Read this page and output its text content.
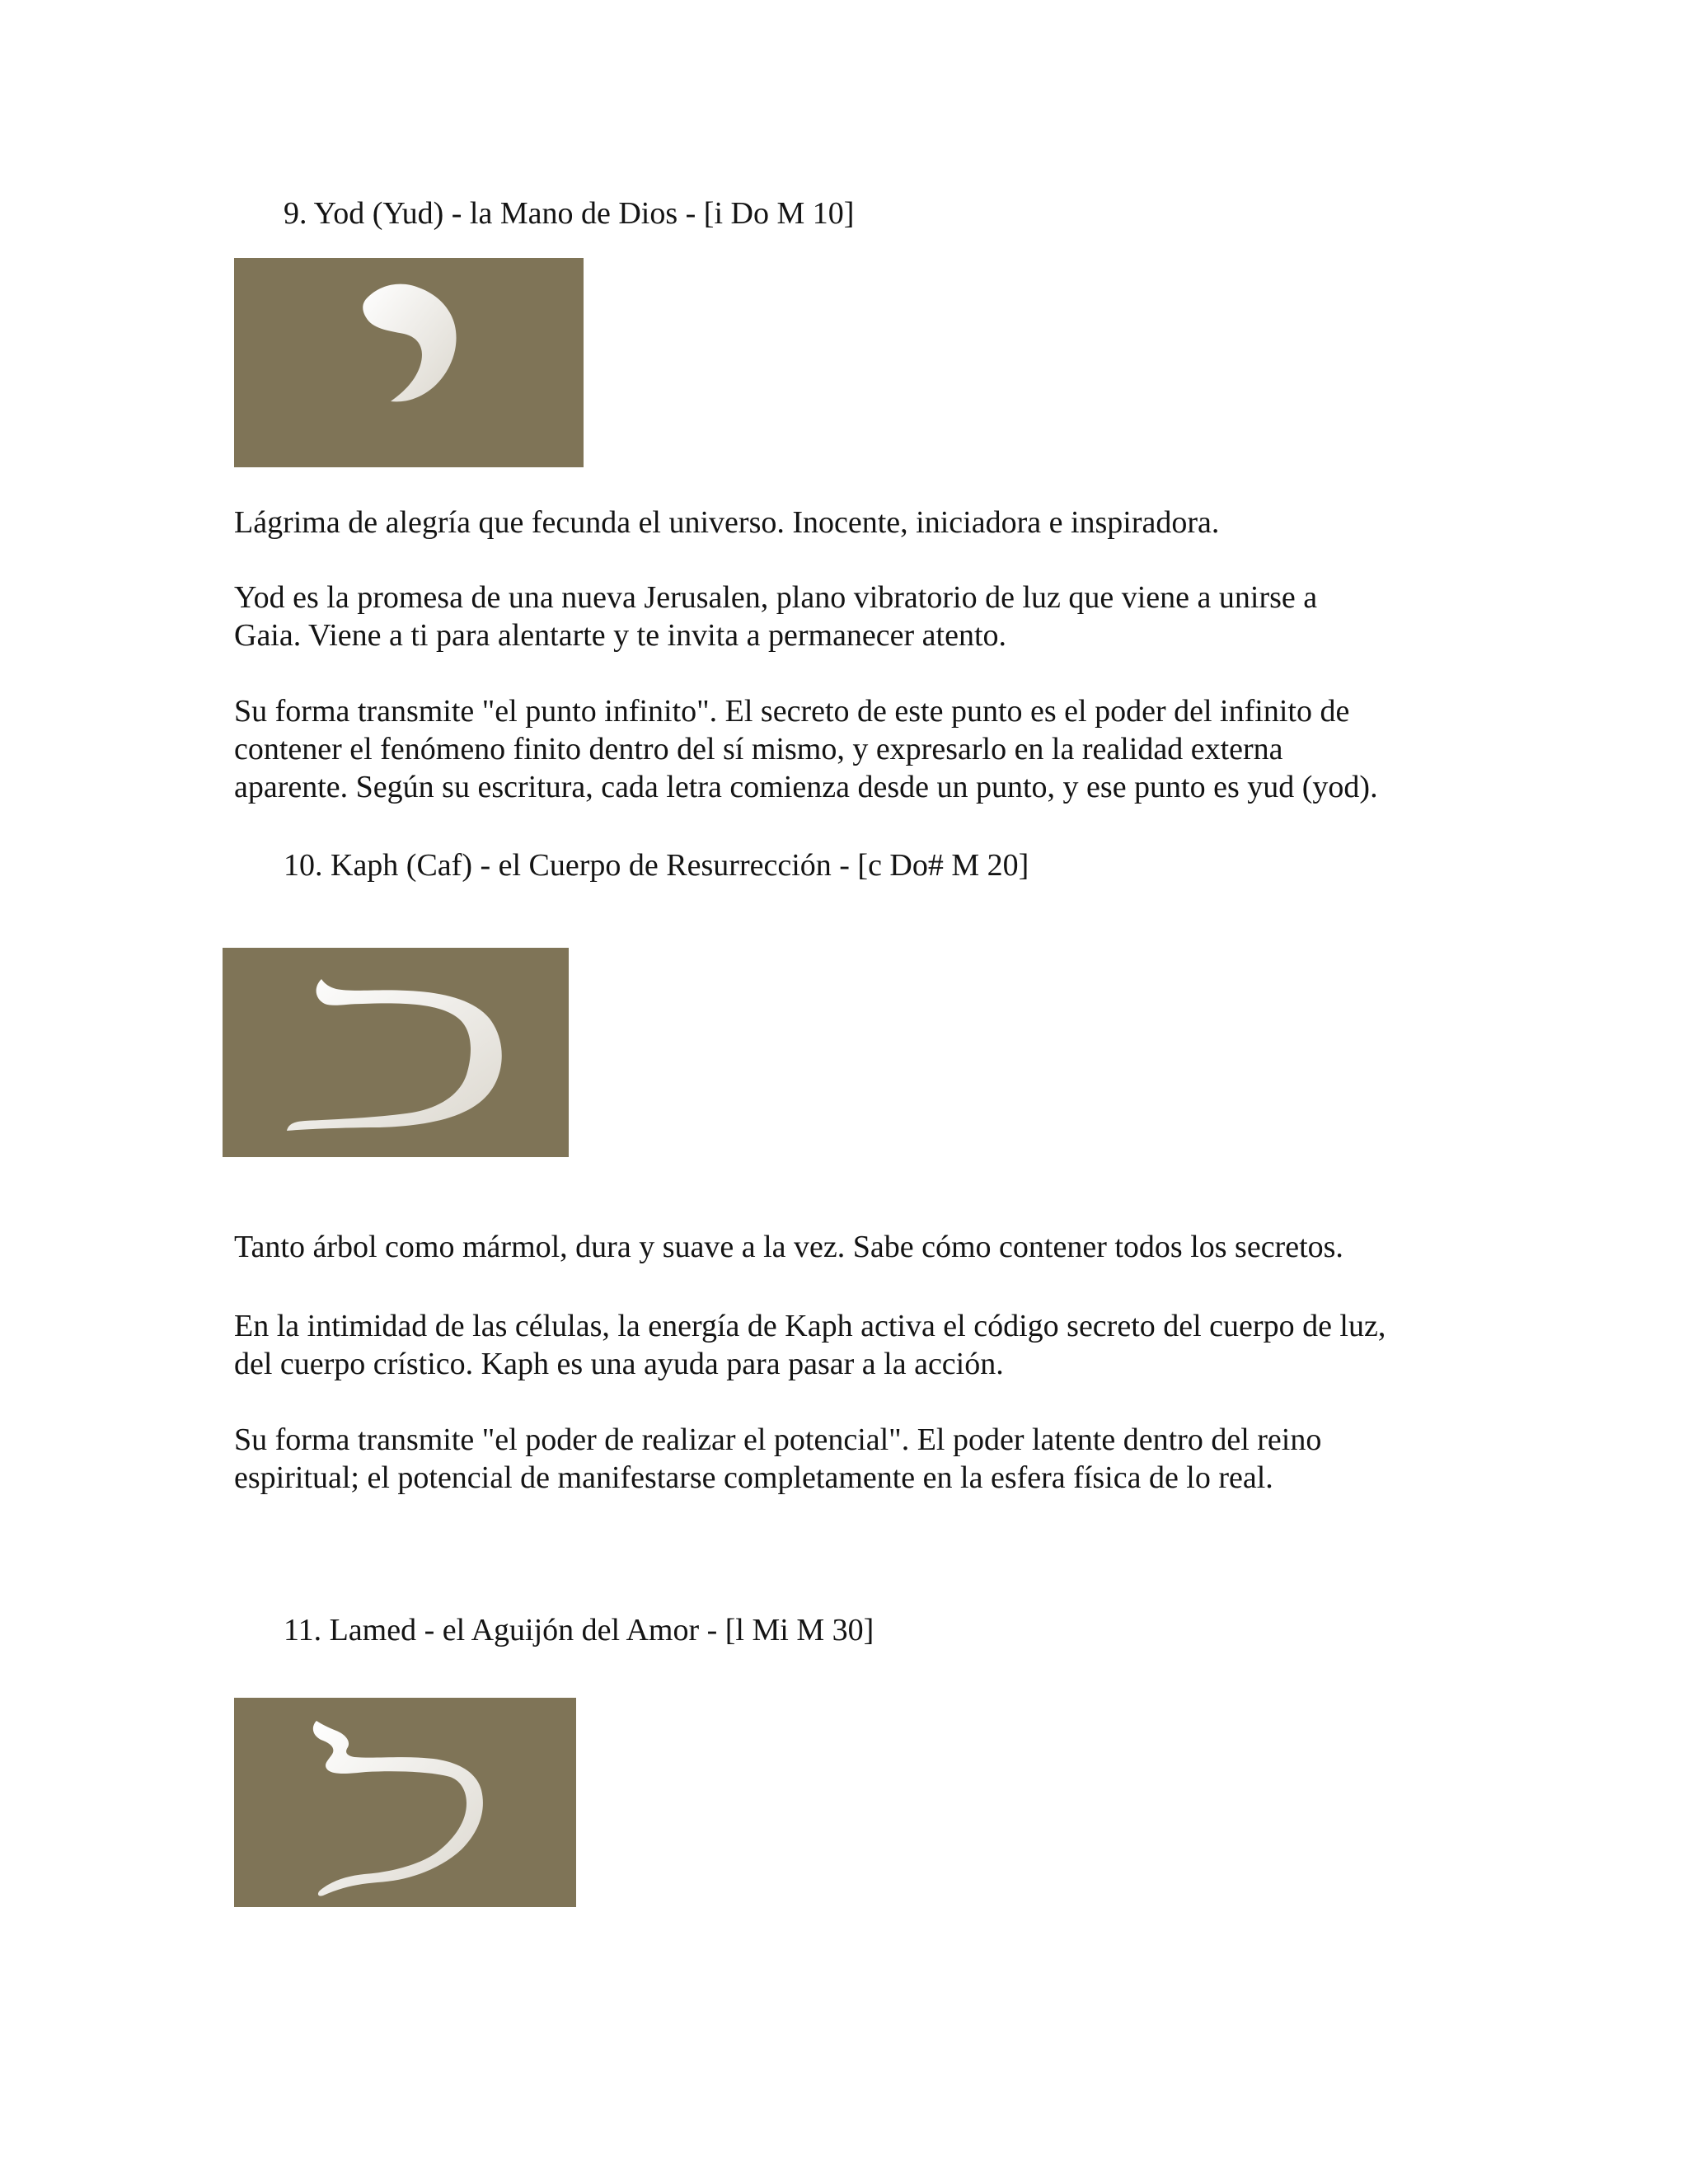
9. Yod (Yud) - la Mano de Dios - [i Do M 10]
Lágrima de alegría que fecunda el universo. Inocente, iniciadora e inspiradora.
Yod es la promesa de una nueva Jerusalen, plano vibratorio de luz que viene a unirse a
Gaia. Viene a ti para alentarte y te invita a permanecer atento.
Su forma transmite "el punto infinito". El secreto de este punto es el poder del infinito de
contener el fenómeno finito dentro del sí mismo, y expresarlo en la realidad externa
aparente. Según su escritura, cada letra comienza desde un punto, y ese punto es yud (yod).
10. Kaph (Caf) - el Cuerpo de Resurrección - [c Do# M 20]
Tanto árbol como mármol, dura y suave a la vez. Sabe cómo contener todos los secretos.
En la intimidad de las células, la energía de Kaph activa el código secreto del cuerpo de luz,
del cuerpo crístico. Kaph es una ayuda para pasar a la acción.
Su forma transmite "el poder de realizar el potencial". El poder latente dentro del reino
espiritual; el potencial de manifestarse completamente en la esfera física de lo real.
11. Lamed - el Aguijón del Amor - [l Mi M 30]
